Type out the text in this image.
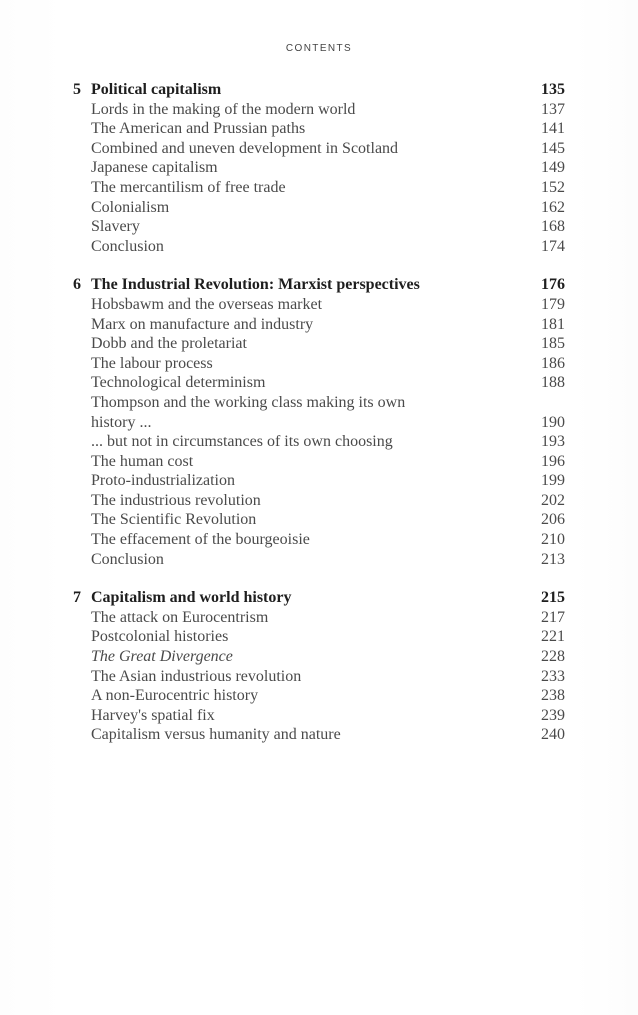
CONTENTS
5 Political capitalism	135
Lords in the making of the modern world	137
The American and Prussian paths	141
Combined and uneven development in Scotland	145
Japanese capitalism	149
The mercantilism of free trade	152
Colonialism	162
Slavery	168
Conclusion	174
6 The Industrial Revolution: Marxist perspectives	176
Hobsbawm and the overseas market	179
Marx on manufacture and industry	181
Dobb and the proletariat	185
The labour process	186
Technological determinism	188
Thompson and the working class making its own
history ...	190
... but not in circumstances of its own choosing	193
The human cost	196
Proto-industrialization	199
The industrious revolution	202
The Scientific Revolution	206
The effacement of the bourgeoisie	210
Conclusion	213
7 Capitalism and world history	215
The attack on Eurocentrism	217
Postcolonial histories	221
The Great Divergence	228
The Asian industrious revolution	233
A non-Eurocentric history	238
Harvey's spatial fix	239
Capitalism versus humanity and nature	240
